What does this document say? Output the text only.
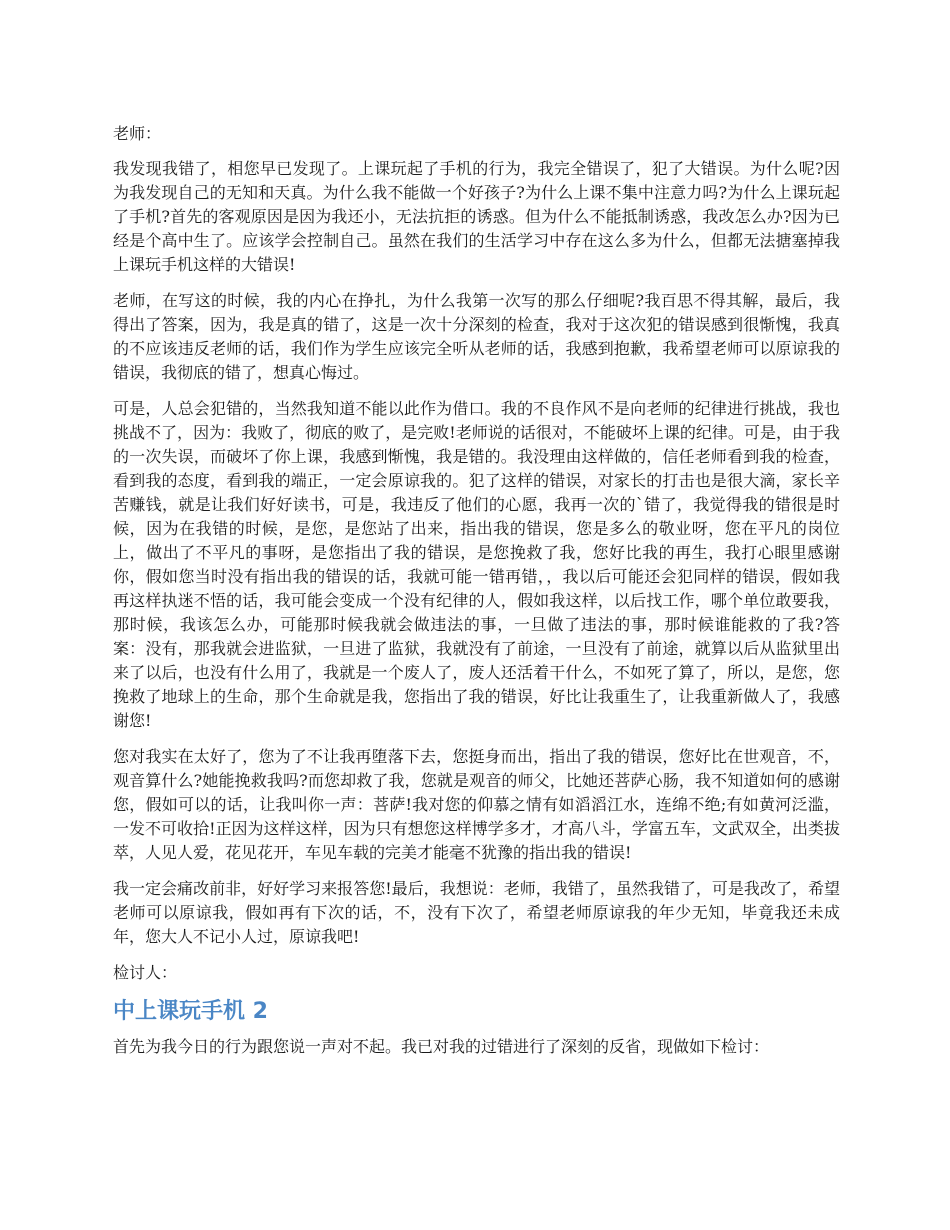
老师：

我发现我错了，相您早已发现了。上课玩起了手机的行为，我完全错误了，犯了大错误。为什么呢?因为我发现自己的无知和天真。为什么我不能做一个好孩子?为什么上课不集中注意力吗?为什么上课玩起了手机?首先的客观原因是因为我还小，无法抗拒的诱惑。但为什么不能抵制诱惑，我改怎么办?因为已经是个高中生了。应该学会控制自己。虽然在我们的生活学习中存在这么多为什么，但都无法搪塞掉我上课玩手机这样的大错误!

老师，在写这的时候，我的内心在挣扎，为什么我第一次写的那么仔细呢?我百思不得其解，最后，我得出了答案，因为，我是真的错了，这是一次十分深刻的检查，我对于这次犯的错误感到很惭愧，我真的不应该违反老师的话，我们作为学生应该完全听从老师的话，我感到抱歉，我希望老师可以原谅我的错误，我彻底的错了，想真心悔过。

可是，人总会犯错的，当然我知道不能以此作为借口。我的不良作风不是向老师的纪律进行挑战，我也挑战不了，因为：我败了，彻底的败了，是完败!老师说的话很对，不能破坏上课的纪律。可是，由于我的一次失误，而破坏了你上课，我感到惭愧，我是错的。我没理由这样做的，信任老师看到我的检查，看到我的态度，看到我的端正，一定会原谅我的。犯了这样的错误，对家长的打击也是很大滴，家长辛苦赚钱，就是让我们好好读书，可是，我违反了他们的心愿，我再一次的`错了，我觉得我的错很是时候，因为在我错的时候，是您，是您站了出来，指出我的错误，您是多么的敬业呀，您在平凡的岗位上，做出了不平凡的事呀，是您指出了我的错误，是您挽救了我，您好比我的再生，我打心眼里感谢你，假如您当时没有指出我的错误的话，我就可能一错再错，，我以后可能还会犯同样的错误，假如我再这样执迷不悟的话，我可能会变成一个没有纪律的人，假如我这样，以后找工作，哪个单位敢要我，那时候，我该怎么办，可能那时候我就会做违法的事，一旦做了违法的事，那时候谁能救的了我?答案：没有，那我就会进监狱，一旦进了监狱，我就没有了前途，一旦没有了前途，就算以后从监狱里出来了以后，也没有什么用了，我就是一个废人了，废人还活着干什么，不如死了算了，所以，是您，您挽救了地球上的生命，那个生命就是我，您指出了我的错误，好比让我重生了，让我重新做人了，我感谢您!

您对我实在太好了，您为了不让我再堕落下去，您挺身而出，指出了我的错误，您好比在世观音，不，观音算什么?她能挽救我吗?而您却救了我，您就是观音的师父，比她还菩萨心肠，我不知道如何的感谢您，假如可以的话，让我叫你一声：菩萨!我对您的仰慕之情有如滔滔江水，连绵不绝;有如黄河泛滥，一发不可收拾!正因为这样这样，因为只有想您这样博学多才，才高八斗，学富五车，文武双全，出类拔萃，人见人爱，花见花开，车见车载的完美才能毫不犹豫的指出我的错误!

我一定会痛改前非，好好学习来报答您!最后，我想说：老师，我错了，虽然我错了，可是我改了，希望老师可以原谅我，假如再有下次的话，不，没有下次了，希望老师原谅我的年少无知，毕竟我还未成年，您大人不记小人过，原谅我吧!

检讨人：

中上课玩手机 2

首先为我今日的行为跟您说一声对不起。我已对我的过错进行了深刻的反省，现做如下检讨：
